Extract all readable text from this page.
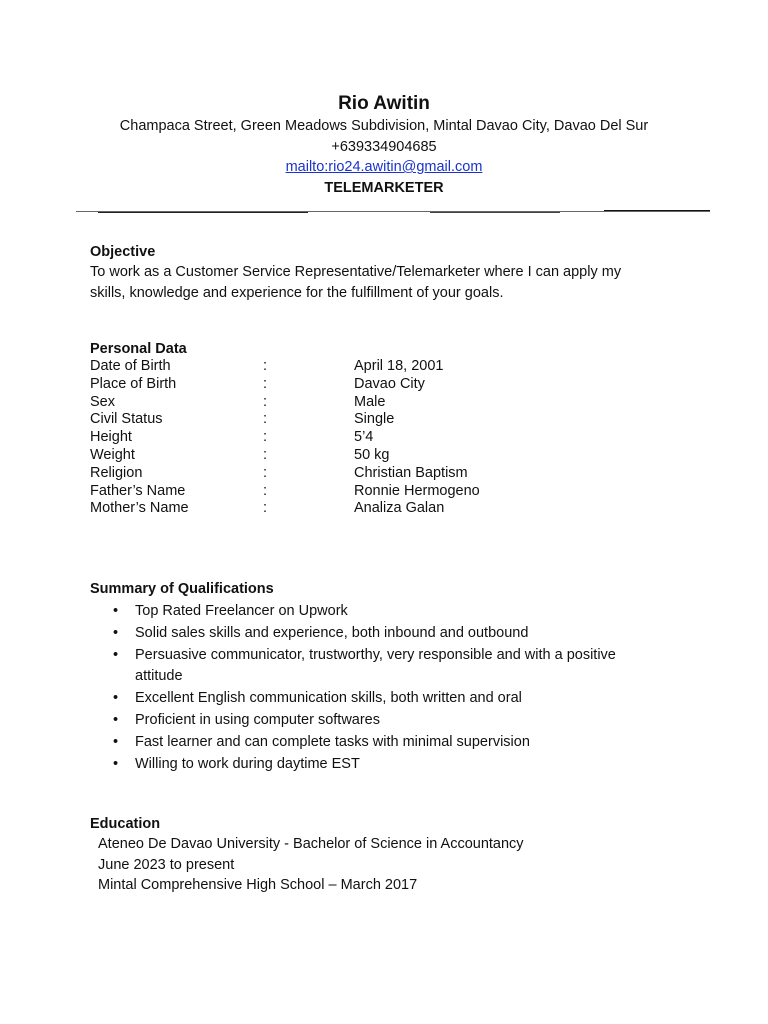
Rio Awitin

Champaca Street, Green Meadows Subdivision, Mintal Davao City, Davao Del Sur

+639334904685

mailto:rio24.awitin@gmail.com

TELEMARKETER

Objective

To work as a Customer Service Representative/Telemarketer where I can apply my

skills, knowledge and experience for the fulfillment of your goals.

Personal Data

Date of Birth	:	April 18, 2001
Place of Birth	:	Davao City
Sex	:	Male
Civil Status	:	Single
Height	:	5’4
Weight	:	50 kg
Religion	:	Christian Baptism
Father’s Name	:	Ronnie Hermogeno
Mother’s Name	:	Analiza Galan

Summary of Qualifications

• Top Rated Freelancer on Upwork
• Solid sales skills and experience, both inbound and outbound
• Persuasive communicator, trustworthy, very responsible and with a positive attitude
• Excellent English communication skills, both written and oral
• Proficient in using computer softwares
• Fast learner and can complete tasks with minimal supervision
• Willing to work during daytime EST

Education

Ateneo De Davao University - Bachelor of Science in Accountancy

June 2023 to present

Mintal Comprehensive High School – March 2017
